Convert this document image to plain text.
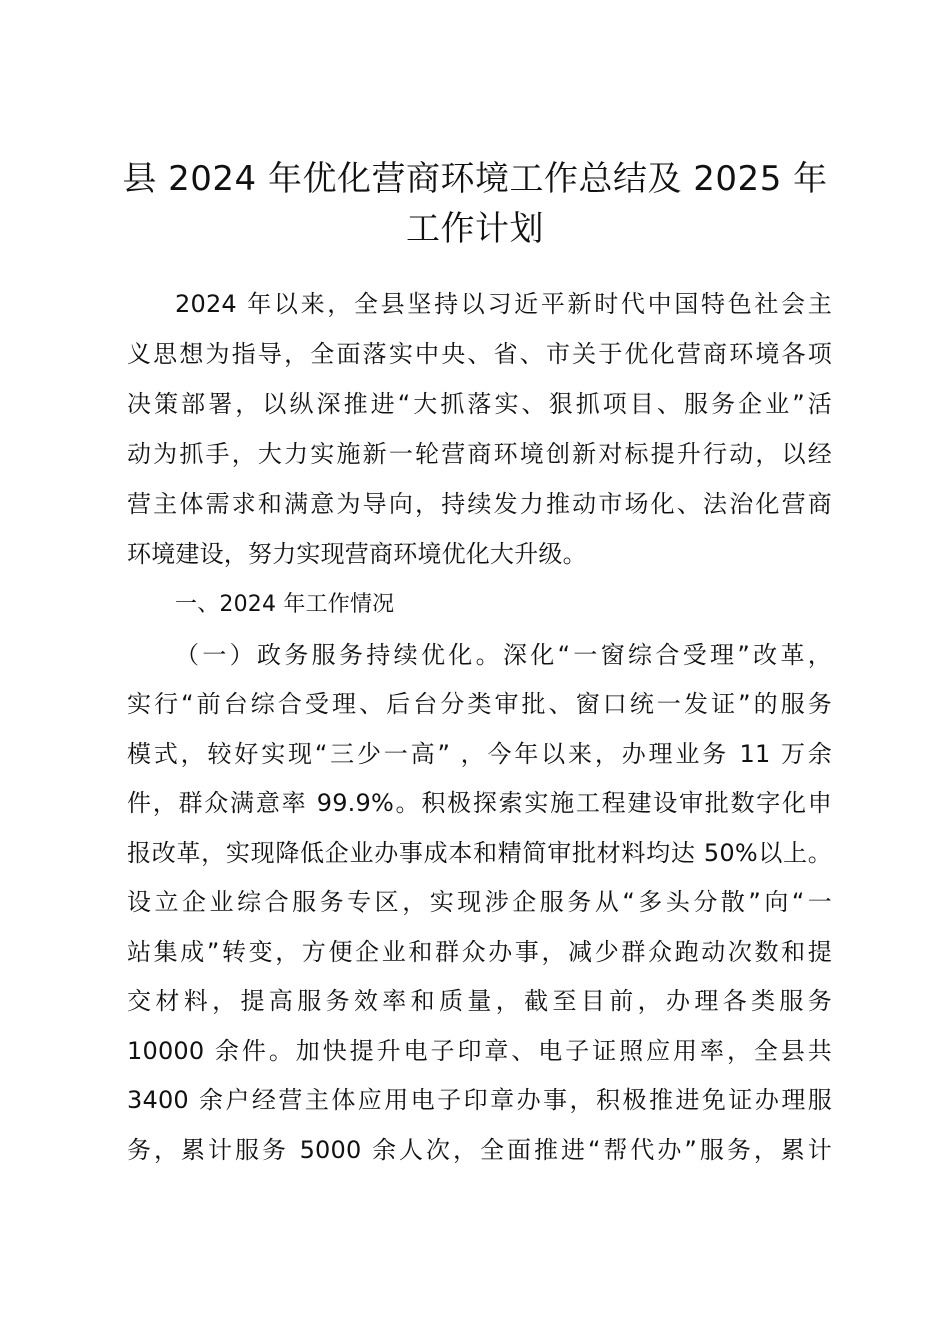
县 2024 年优化营商环境工作总结及 2025 年
工作计划
2024 年以来，全县坚持以习近平新时代中国特色社会主
义思想为指导，全面落实中央、省、市关于优化营商环境各项
决策部署，以纵深推进“大抓落实、狠抓项目、服务企业”活
动为抓手，大力实施新一轮营商环境创新对标提升行动，以经
营主体需求和满意为导向，持续发力推动市场化、法治化营商
环境建设，努力实现营商环境优化大升级。
一、2024 年工作情况
（一）政务服务持续优化。深化“一窗综合受理”改革，
实行“前台综合受理、后台分类审批、窗口统一发证”的服务
模式，较好实现“三少一高” ，今年以来，办理业务 11 万余
件，群众满意率 99.9%。积极探索实施工程建设审批数字化申
报改革，实现降低企业办事成本和精简审批材料均达 50%以上。
设立企业综合服务专区，实现涉企服务从“多头分散”向“一
站集成”转变，方便企业和群众办事，减少群众跑动次数和提
交材料，提高服务效率和质量，截至目前，办理各类服务
10000 余件。加快提升电子印章、电子证照应用率，全县共
3400 余户经营主体应用电子印章办事，积极推进免证办理服
务，累计服务 5000 余人次，全面推进“帮代办”服务，累计
